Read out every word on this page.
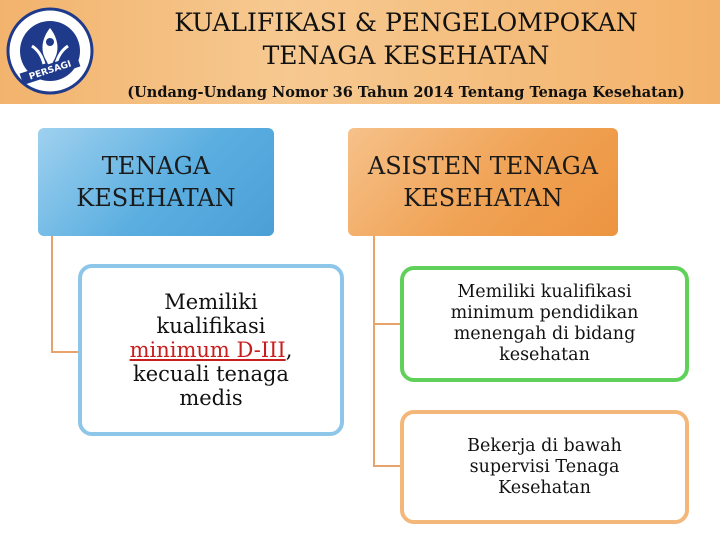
PERSAGI
KUALIFIKASI & PENGELOMPOKAN
TENAGA KESEHATAN
(Undang-Undang Nomor 36 Tahun 2014 Tentang Tenaga Kesehatan)
TENAGA
KESEHATAN
ASISTEN TENAGA
KESEHATAN
Memiliki
kualifikasi
minimum D-III,
kecuali tenaga
medis
Memiliki kualifikasi
minimum pendidikan
menengah di bidang
kesehatan
Bekerja di bawah
supervisi Tenaga
Kesehatan
